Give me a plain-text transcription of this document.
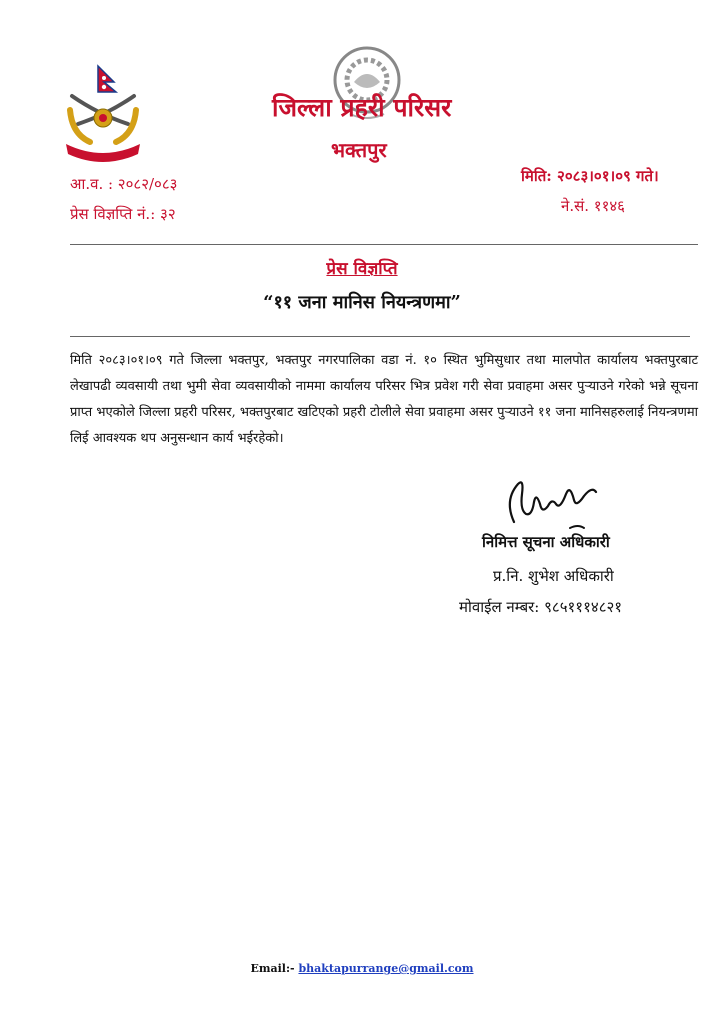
जिल्ला प्रहरी परिसर
भक्तपुर
आ.व. : २०८२/०८३
प्रेस विज्ञप्ति नं.: ३२
मिति: २०८३।०१।०९ गते।
ने.सं. ११४६
प्रेस विज्ञप्ति
“११ जना मानिस नियन्त्रणमा”
मिति २०८३।०१।०९ गते जिल्ला भक्तपुर, भक्तपुर नगरपालिका वडा नं. १० स्थित भुमिसुधार तथा मालपोत कार्यालय भक्तपुरबाट लेखापढी व्यवसायी तथा भुमी सेवा व्यवसायीको नाममा कार्यालय परिसर भित्र प्रवेश गरी सेवा प्रवाहमा असर पुऱ्याउने गरेको भन्ने सूचना प्राप्त भएकोले जिल्ला प्रहरी परिसर, भक्तपुरबाट खटिएको प्रहरी टोलीले सेवा प्रवाहमा असर पुऱ्याउने ११ जना मानिसहरुलाई नियन्त्रणमा लिई आवश्यक थप अनुसन्धान कार्य भईरहेको।
निमित्त सूचना अधिकारी
प्र.नि. शुभेश अधिकारी
मोवाईल नम्बर: ९८५१११४८२१
Email:- bhaktapurrange@gmail.com
